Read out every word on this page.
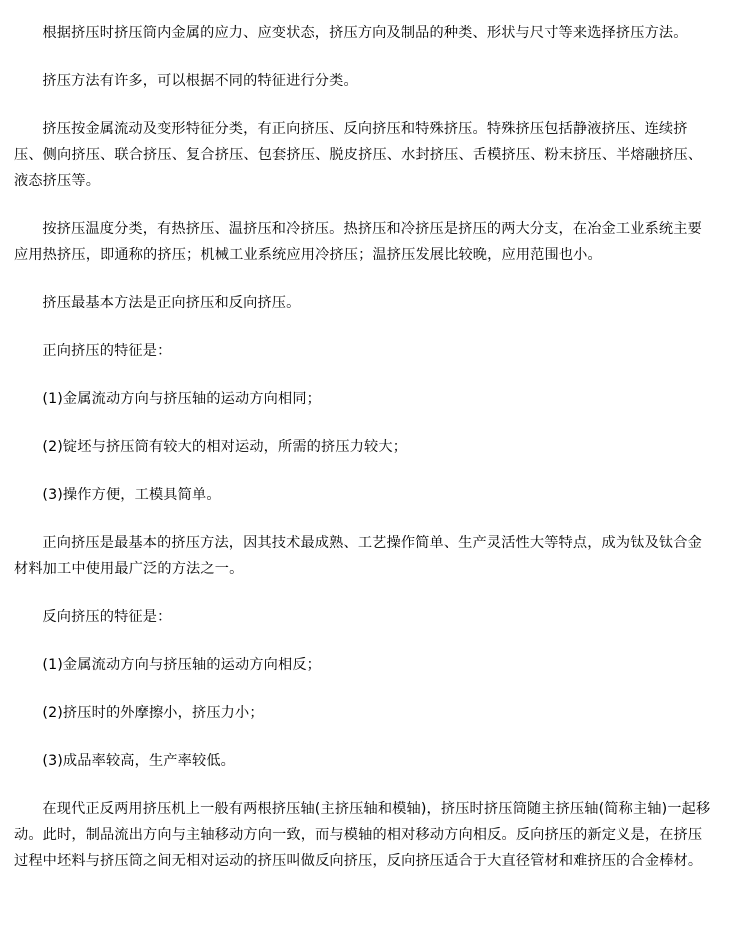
根据挤压时挤压筒内金属的应力、应变状态，挤压方向及制品的种类、形状与尺寸等来选择挤压方法。

挤压方法有许多，可以根据不同的特征进行分类。

挤压按金属流动及变形特征分类，有正向挤压、反向挤压和特殊挤压。特殊挤压包括静液挤压、连续挤压、侧向挤压、联合挤压、复合挤压、包套挤压、脱皮挤压、水封挤压、舌模挤压、粉末挤压、半熔融挤压、液态挤压等。

按挤压温度分类，有热挤压、温挤压和冷挤压。热挤压和冷挤压是挤压的两大分支，在冶金工业系统主要应用热挤压，即通称的挤压；机械工业系统应用冷挤压；温挤压发展比较晚，应用范围也小。

挤压最基本方法是正向挤压和反向挤压。

正向挤压的特征是：

(1)金属流动方向与挤压轴的运动方向相同；

(2)锭坯与挤压筒有较大的相对运动，所需的挤压力较大；

(3)操作方便，工模具简单。

正向挤压是最基本的挤压方法，因其技术最成熟、工艺操作简单、生产灵活性大等特点，成为钛及钛合金材料加工中使用最广泛的方法之一。

反向挤压的特征是：

(1)金属流动方向与挤压轴的运动方向相反；

(2)挤压时的外摩擦小，挤压力小；

(3)成品率较高，生产率较低。

在现代正反两用挤压机上一般有两根挤压轴(主挤压轴和模轴)，挤压时挤压筒随主挤压轴(简称主轴)一起移动。此时，制品流出方向与主轴移动方向一致，而与模轴的相对移动方向相反。反向挤压的新定义是，在挤压过程中坯料与挤压筒之间无相对运动的挤压叫做反向挤压，反向挤压适合于大直径管材和难挤压的合金棒材。
